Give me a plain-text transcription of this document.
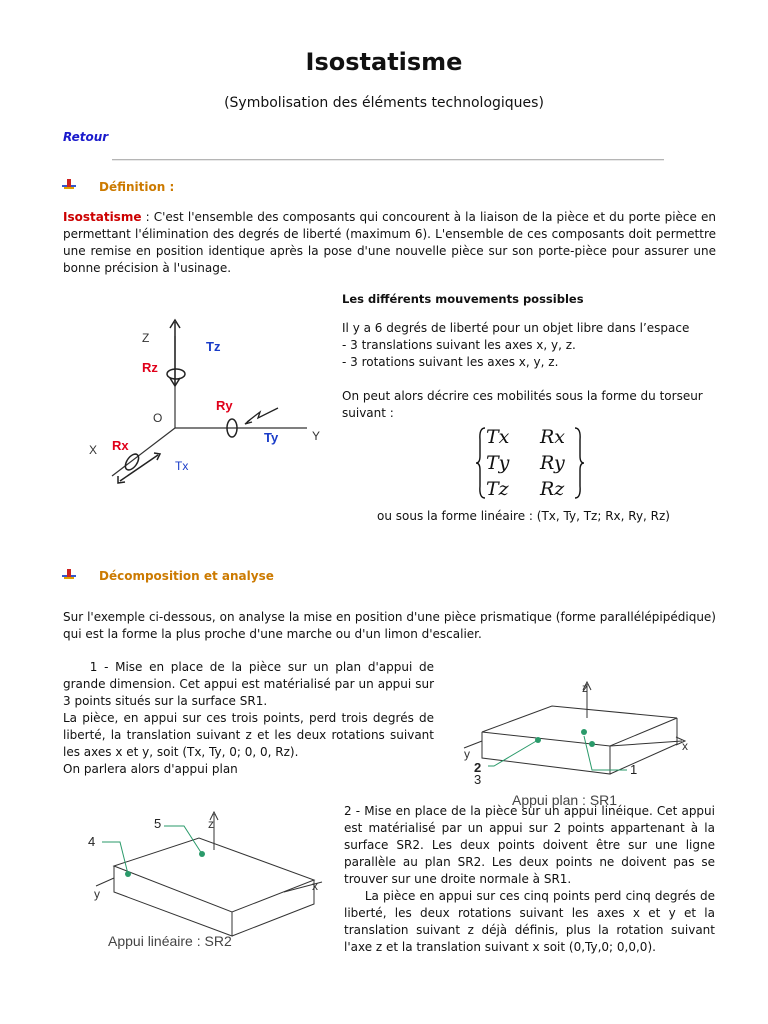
Isostatisme
(Symbolisation des éléments technologiques)
Retour
Définition :

Isostatisme : C'est l'ensemble des composants qui concourent à la liaison de la pièce et du porte pièce en permettant l'élimination des degrés de liberté (maximum 6). L'ensemble de ces composants doit permettre une remise en position identique après la pose d'une nouvelle pièce sur son porte-pièce pour assurer une bonne précision à l'usinage.

Z
O
Y
X
Tz
Rz
Ry
Ty
Rx
Tx
Les différents mouvements possibles

Il y a 6 degrés de liberté pour un objet libre dans l’espace

- 3 translations suivant les axes x, y, z.

- 3 rotations suivant les axes x, y, z.

On peut alors décrire ces mobilités sous la forme du torseur suivant :

Tx Rx
Ty Ry
Tz Rz

ou sous la forme linéaire : (Tx, Ty, Tz; Rx, Ry, Rz)

Décomposition et analyse

Sur l'exemple ci-dessous, on analyse la mise en position d'une pièce prismatique (forme parallélépipédique) qui est la forme la plus proche d'une marche ou d'un limon d'escalier.

1 - Mise en place de la pièce sur un plan d'appui de grande dimension. Cet appui est matérialisé par un appui sur 3 points situés sur la surface SR1.

La pièce, en appui sur ces trois points, perd trois degrés de liberté, la translation suivant z et les deux rotations suivant les axes x et y, soit (Tx, Ty, 0; 0, 0, Rz).

On parlera alors d'appui plan

z
x
y
2
3
1
Appui plan : SR1
5
4
z
x
y
Appui linéaire : SR2

2 - Mise en place de la pièce sur un appui linéique. Cet appui est matérialisé par un appui sur 2 points appartenant à la surface SR2. Les deux points doivent être sur une ligne parallèle au plan SR2. Les deux points ne doivent pas se trouver sur une droite normale à SR1.

La pièce en appui sur ces cinq points perd cinq degrés de liberté, les deux rotations suivant les axes x et y et la translation suivant z déjà définis, plus la rotation suivant l'axe z et la translation suivant x soit (0,Ty,0; 0,0,0).
